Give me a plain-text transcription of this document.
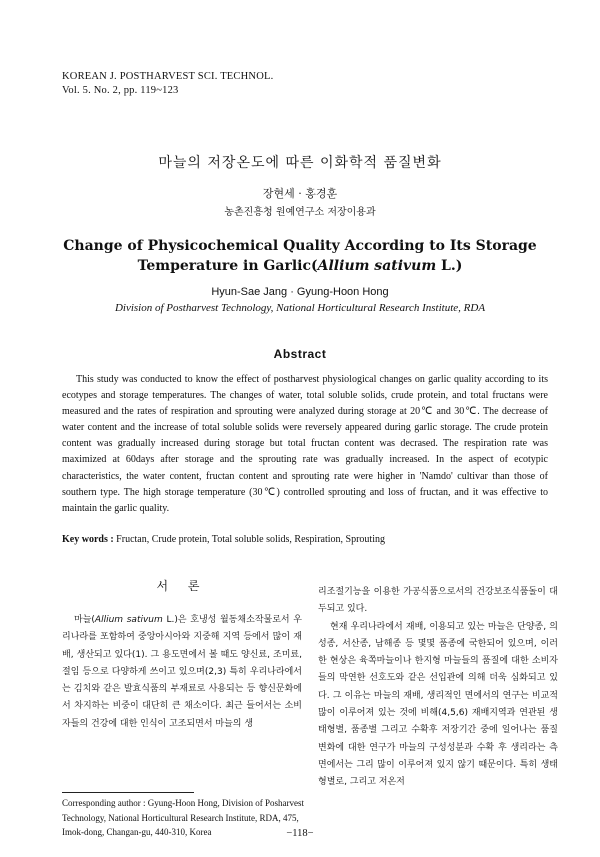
KOREAN J. POSTHARVEST SCI. TECHNOL.
Vol. 5. No. 2, pp. 119~123
마늘의 저장온도에 따른 이화학적 품질변화
장현세 · 홍경훈
농촌진흥청 원예연구소 저장이용과
Change of Physicochemical Quality According to Its Storage
Temperature in Garlic(Allium sativum L.)
Hyun-Sae Jang · Gyung-Hoon Hong
Division of Postharvest Technology, National Horticultural Research Institute, RDA
Abstract

This study was conducted to know the effect of postharvest physiological changes on garlic quality according to its ecotypes and storage temperatures. The changes of water, total soluble solids, crude protein, and total fructans were measured and the rates of respiration and sprouting were analyzed during storage at 20℃ and 30℃. The decrease of water content and the increase of total soluble solids were reversely appeared during garlic storage. The crude protein content was gradually increased during storage but total fructan content was decrased. The respiration rate was maximized at 60days after storage and the sprouting rate was gradually increased. In the aspect of ecotypic characteristics, the water content, fructan content and sprouting rate were higher in 'Namdo' cultivar than those of southern type. The high storage temperature (30℃) controlled sprouting and loss of fructan, and it was effective to maintain the garlic quality.

Key words : Fructan, Crude protein, Total soluble solids, Respiration, Sprouting
서 론

마늘(Allium sativum L.)은 호냉성 월동채소작물로서 우리나라를 포함하여 중앙아시아와 지중해 지역 등에서 많이 재배, 생산되고 있다(1). 그 용도면에서 볼 때도 양신료, 조미료, 절임 등으로 다양하게 쓰이고 있으며(2,3) 특히 우리나라에서는 김치와 같은 발효식품의 부재료로 사용되는 등 향신문화에서 차지하는 비중이 대단히 큰 채소이다. 최근 들어서는 소비자들의 건강에 대한 인식이 고조되면서 마늘의 생

리조절기능을 이용한 가공식품으로서의 건강보조식품돌이 대두되고 있다.

현재 우리나라에서 재배, 이용되고 있는 마늘은 단양종, 의성종, 서산종, 남해종 등 몇몇 품종에 국한되어 있으며, 이러한 현상은 육쪽마늘이나 한지형 마늘들의 품질에 대한 소비자들의 막연한 선호도와 같은 선입관에 의해 더욱 심화되고 있다. 그 이유는 마늘의 재배, 생리적인 면에서의 연구는 비교적 많이 이루어져 있는 것에 비해(4,5,6) 재배지역과 연관된 생태형별, 품종별 그리고 수확후 저장기간 중에 일어나는 품질변화에 대한 연구가 마늘의 구성성분과 수확 후 생리라는 측면에서는 그리 많이 이루어져 있지 않기 때문이다. 특히 생태형별로, 그리고 저온저

Corresponding author : Gyung-Hoon Hong, Division of Posharvest Technology, National Horticultural Research Institute, RDA, 475, Imok-dong, Changan-gu, 440-310, Korea	−118−
